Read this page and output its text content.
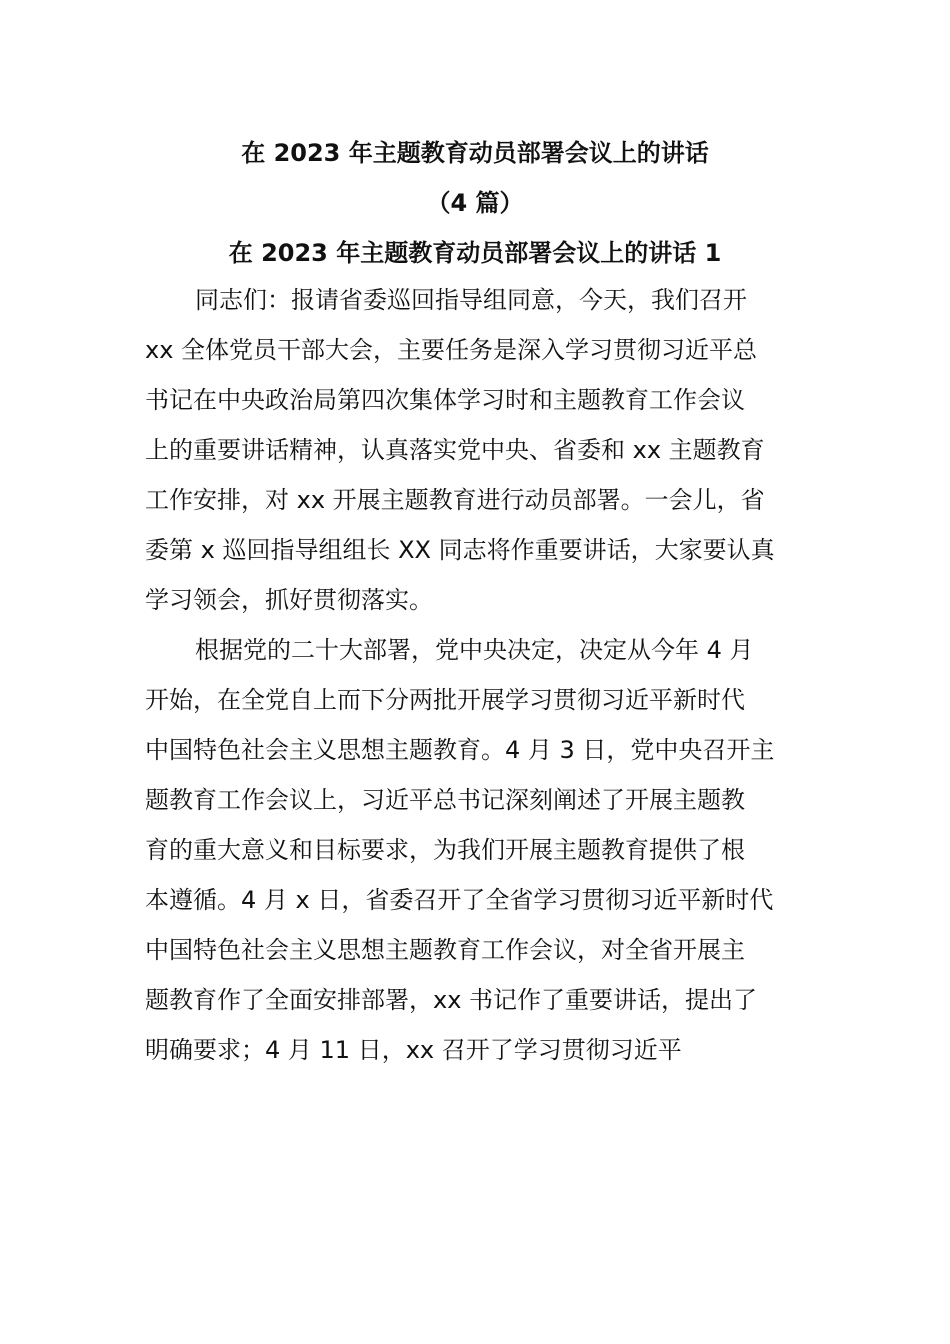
在 2023 年主题教育动员部署会议上的讲话
（4 篇）
在 2023 年主题教育动员部署会议上的讲话 1
同志们：报请省委巡回指导组同意，今天，我们召开
xx 全体党员干部大会，主要任务是深入学习贯彻习近平总
书记在中央政治局第四次集体学习时和主题教育工作会议
上的重要讲话精神，认真落实党中央、省委和 xx 主题教育
工作安排，对 xx 开展主题教育进行动员部署。一会儿，省
委第 x 巡回指导组组长 XX 同志将作重要讲话，大家要认真
学习领会，抓好贯彻落实。
根据党的二十大部署，党中央决定，决定从今年 4 月
开始，在全党自上而下分两批开展学习贯彻习近平新时代
中国特色社会主义思想主题教育。4 月 3 日，党中央召开主
题教育工作会议上，习近平总书记深刻阐述了开展主题教
育的重大意义和目标要求，为我们开展主题教育提供了根
本遵循。4 月 x 日，省委召开了全省学习贯彻习近平新时代
中国特色社会主义思想主题教育工作会议，对全省开展主
题教育作了全面安排部署，xx 书记作了重要讲话，提出了
明确要求；4 月 11 日，xx 召开了学习贯彻习近平
